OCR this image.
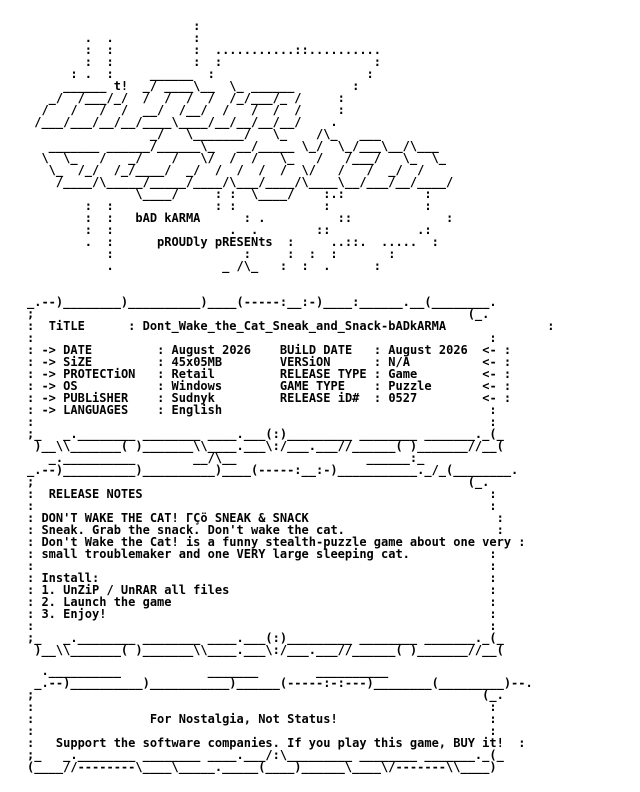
:
.  .           :
:  :           :  ...........::..........
:  :           :  :                     :
: .  :     ______  :                     :
______ t!  _/ ____\__  \_ ______        :
_/  /___/_/  /  /  /  /  /_/___/_ /     :
/   /   /  /  __/  /__/  /   /  /  /     :
/___/___/__/__/____\____/__/__/__/__/    .
_/   \_______/   \_    /\_   ___
_______ ______/______\_   __/_____ \_/  \_/___\__/\___
\  \_   /   _/    /   \/  /  /   \_   /   /___/   \_  \_
\_  /_/  /_/____/  _/  /  /  /  /  \/   /   /  _/  /
/____/\_____/_____/____/\___/____/\____\__/___/__/____/
\____/     : :  \____/    :.:           :
:  :              : :            :             :
:  :   bAD kARMA	: .          ::             :
:  :                .  .        ::            .:
.  :	pROUDly pRESENts  :     ..::.  .....  :
:                  :     :  :  :       :
.               _ /\_   :  :  .      :
_.--)________)__________)____(-----:__:-)____:______.__(________.
;                                                            (_.
:  TiTLE      : Dont_Wake_the_Cat_Sneak_and_Snack-bADkARMA	:
:                                                               :
: -> DATE         : August 2026 BUiLD DATE   : August 2026 <- :
: -> SiZE         : 45x05MB	VERSiON      : N/A	<- :
: -> PROTECTiON   : Retail	RELEASE TYPE : Game	<- :
: -> OS           : Windows	GAME TYPE    : Puzzle	<- :
: -> PUBLiSHER    : Sudnyk	RELEASE iD#  : 0527	<- :
: -> LANGUAGES    : English	:
:                                                               :
;_   _.________ ________ ____.___(:)_________ ________ _______._(_
)__\\_______( )_______\\____.___\:/___.___//______( )_______//__(
_.__________        __/\__                  ______:_
_.--)__________)__________)____(-----:__:-)___________._/_(________.
;                                                            (_.
:  RELEASE NOTES	:
:                                                               :
: DON'T WAKE THE CAT! ΓÇö SNEAK & SNACK	:
: Sneak. Grab the snack. Don't wake the cat.	:
: Don't Wake the Cat! is a funny stealth-puzzle game about one very :
: small troublemaker and one VERY large sleeping cat.	:
:                                                               :
: Install:	:
: 1. UnZiP / UnRAR all files	:
: 2. Launch the game	:
: 3. Enjoy!	:
:                                                               :
;_   _.________ ________ ____.___(:)_________ ________ _______._(_
)__\\_______( )_______\\____.___\:/___.___//______( )_______//__(
.__________            _______        __________
_.--)__________)___________)______(-----:-:---)________(_________)--.
;                                                              (_.
:                                                               :
:	For Nostalgia, Not Status!	:
:                                                               :
:   Support the software companies. If you play this game, BUY it!  :
;_   _.________ ________ ____.___/:\_________ ________ _______._(_
(____//--------\____\_____._____(____)______\____\/-------\\____)
